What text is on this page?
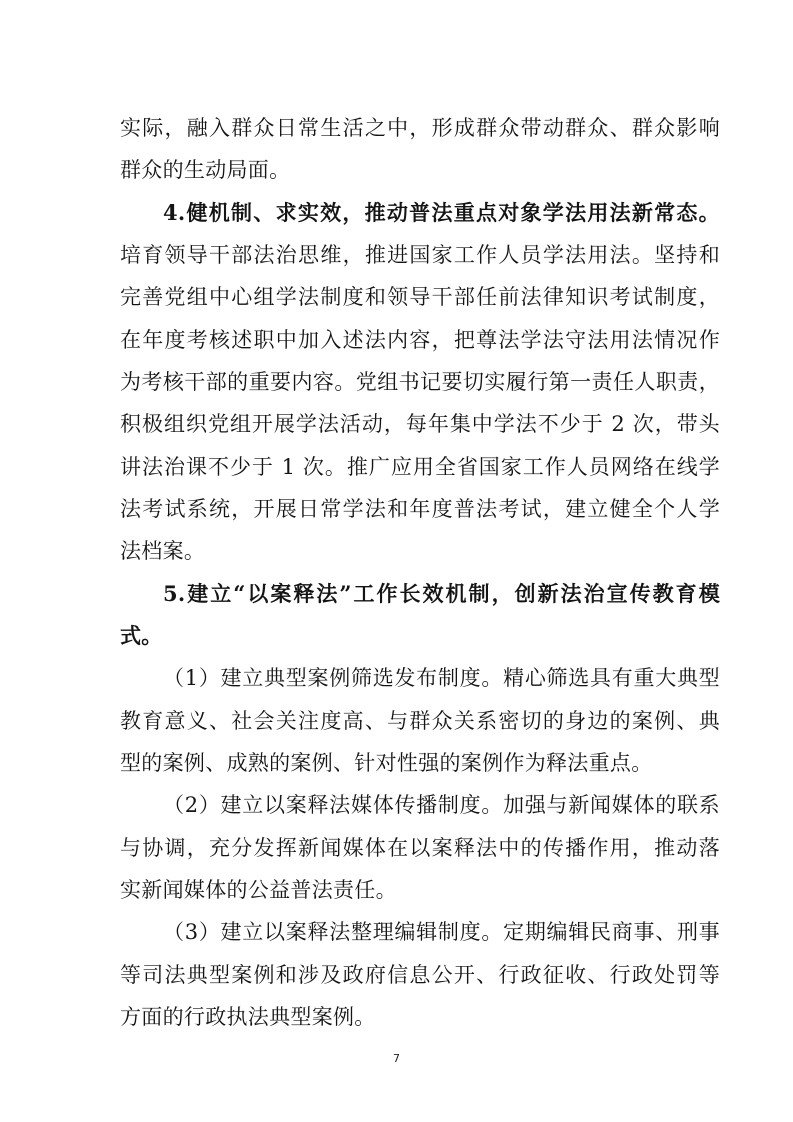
实际，融入群众日常生活之中，形成群众带动群众、群众影响
群众的生动局面。
4.健机制、求实效，推动普法重点对象学法用法新常态。
培育领导干部法治思维，推进国家工作人员学法用法。坚持和
完善党组中心组学法制度和领导干部任前法律知识考试制度，
在年度考核述职中加入述法内容，把尊法学法守法用法情况作
为考核干部的重要内容。党组书记要切实履行第一责任人职责，
积极组织党组开展学法活动，每年集中学法不少于 2 次，带头
讲法治课不少于 1 次。推广应用全省国家工作人员网络在线学
法考试系统，开展日常学法和年度普法考试，建立健全个人学
法档案。
5.建立“以案释法”工作长效机制，创新法治宣传教育模
式。
（1）建立典型案例筛选发布制度。精心筛选具有重大典型
教育意义、社会关注度高、与群众关系密切的身边的案例、典
型的案例、成熟的案例、针对性强的案例作为释法重点。
（2）建立以案释法媒体传播制度。加强与新闻媒体的联系
与协调，充分发挥新闻媒体在以案释法中的传播作用，推动落
实新闻媒体的公益普法责任。
（3）建立以案释法整理编辑制度。定期编辑民商事、刑事
等司法典型案例和涉及政府信息公开、行政征收、行政处罚等
方面的行政执法典型案例。
7
